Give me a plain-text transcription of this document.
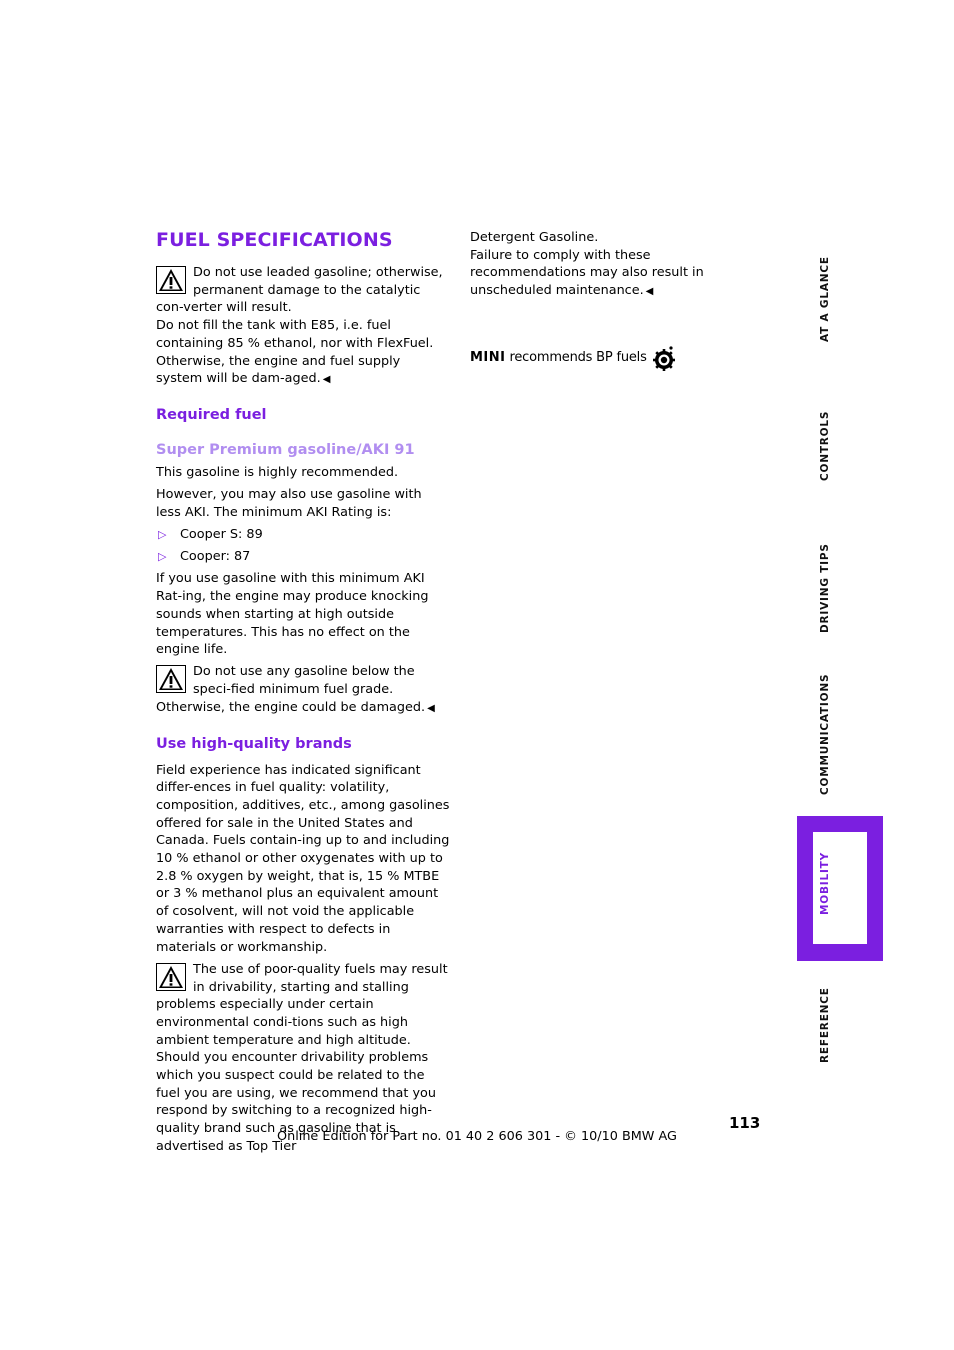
FUEL SPECIFICATIONS
Do not use leaded gasoline; otherwise, permanent damage to the catalytic con-verter will result.
Do not fill the tank with E85, i.e. fuel containing 85 % ethanol, nor with FlexFuel. Otherwise, the engine and fuel supply system will be dam-aged. ◀
Required fuel
Super Premium gasoline/AKI 91

This gasoline is highly recommended.

However, you may also use gasoline with less AKI. The minimum AKI Rating is:

▷ Cooper S: 89
▷ Cooper: 87

If you use gasoline with this minimum AKI Rat-ing, the engine may produce knocking sounds when starting at high outside temperatures. This has no effect on the engine life.

Do not use any gasoline below the speci-fied minimum fuel grade. Otherwise, the engine could be damaged. ◀
Use high-quality brands

Field experience has indicated significant differ-ences in fuel quality: volatility, composition, additives, etc., among gasolines offered for sale in the United States and Canada. Fuels contain-ing up to and including 10 % ethanol or other oxygenates with up to 2.8 % oxygen by weight, that is, 15 % MTBE or 3 % methanol plus an equivalent amount of cosolvent, will not void the applicable warranties with respect to defects in materials or workmanship.

The use of poor-quality fuels may result in drivability, starting and stalling problems especially under certain environmental condi-tions such as high ambient temperature and high altitude.
Should you encounter drivability problems which you suspect could be related to the fuel you are using, we recommend that you respond by switching to a recognized high-quality brand such as gasoline that is advertised as Top Tier
Detergent Gasoline.
Failure to comply with these recommendations may also result in unscheduled maintenance. ◀
MINI recommends BP fuels
AT A GLANCE
CONTROLS
DRIVING TIPS
COMMUNICATIONS
MOBILITY
REFERENCE
113
Online Edition for Part no. 01 40 2 606 301 - © 10/10 BMW AG
